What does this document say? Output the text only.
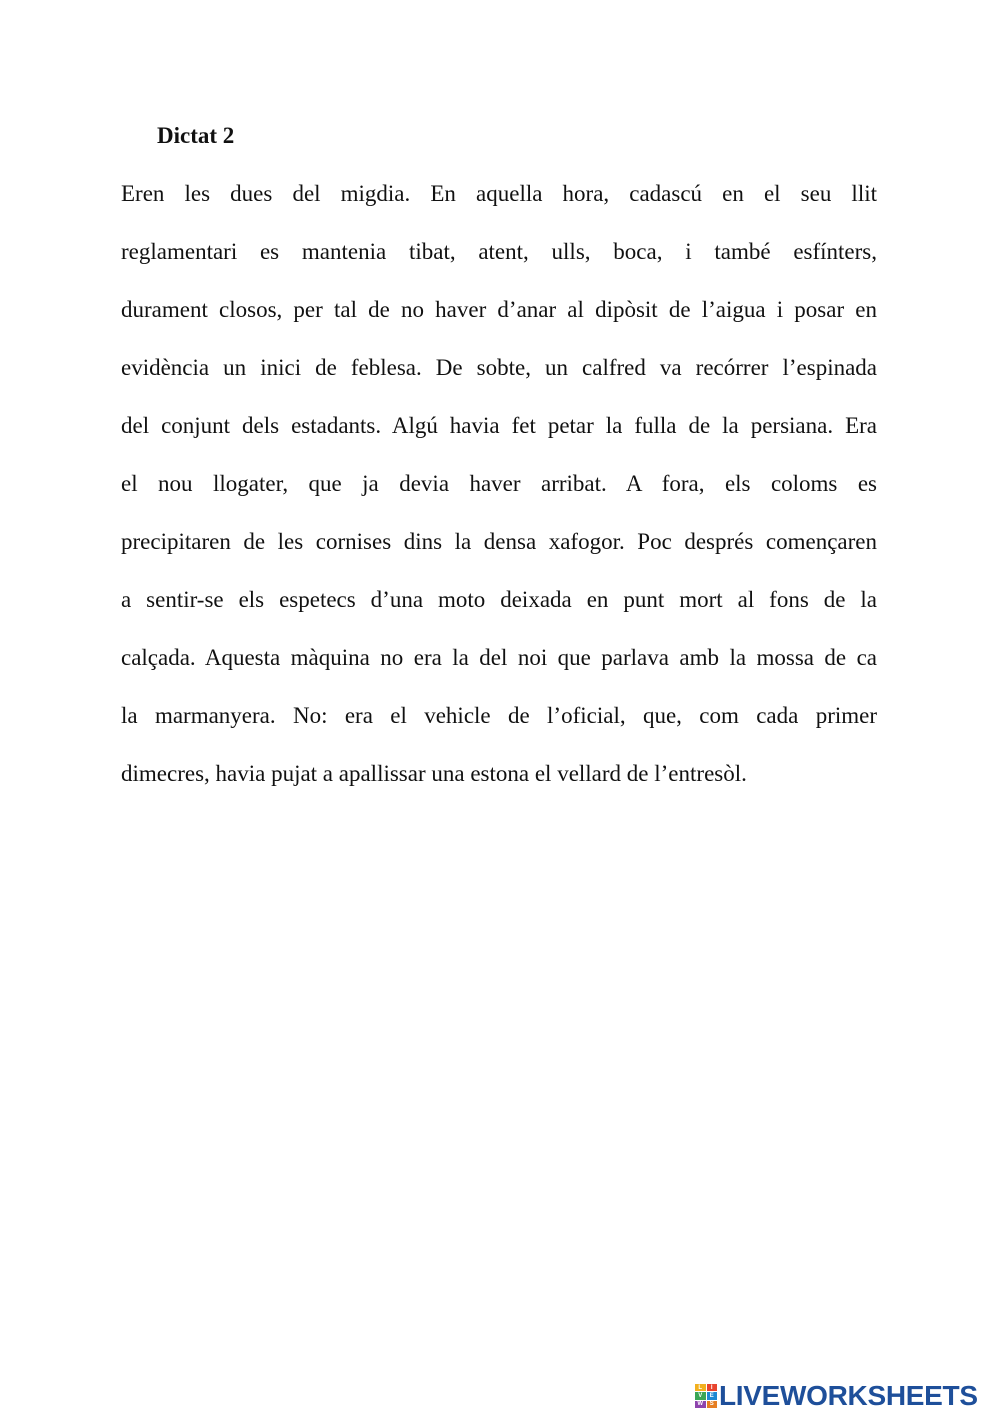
Dictat 2
Eren les dues del migdia. En aquella hora, cadascú en el seu llit
reglamentari es mantenia tibat, atent, ulls, boca, i també esfínters,
durament closos, per tal de no haver d’anar al dipòsit de l’aigua i posar en
evidència un inici de feblesa. De sobte, un calfred va recórrer l’espinada
del conjunt dels estadants. Algú havia fet petar la fulla de la persiana. Era
el nou llogater, que ja devia haver arribat. A fora, els coloms es
precipitaren de les cornises dins la densa xafogor. Poc després començaren
a sentir-se els espetecs d’una moto deixada en punt mort al fons de la
calçada. Aquesta màquina no era la del noi que parlava amb la mossa de ca
la marmanyera. No: era el vehicle de l’oficial, que, com cada primer
dimecres, havia pujat a apallissar una estona el vellard de l’entresòl.
L	I
V	E
W	S LIVEWORKSHEETS
